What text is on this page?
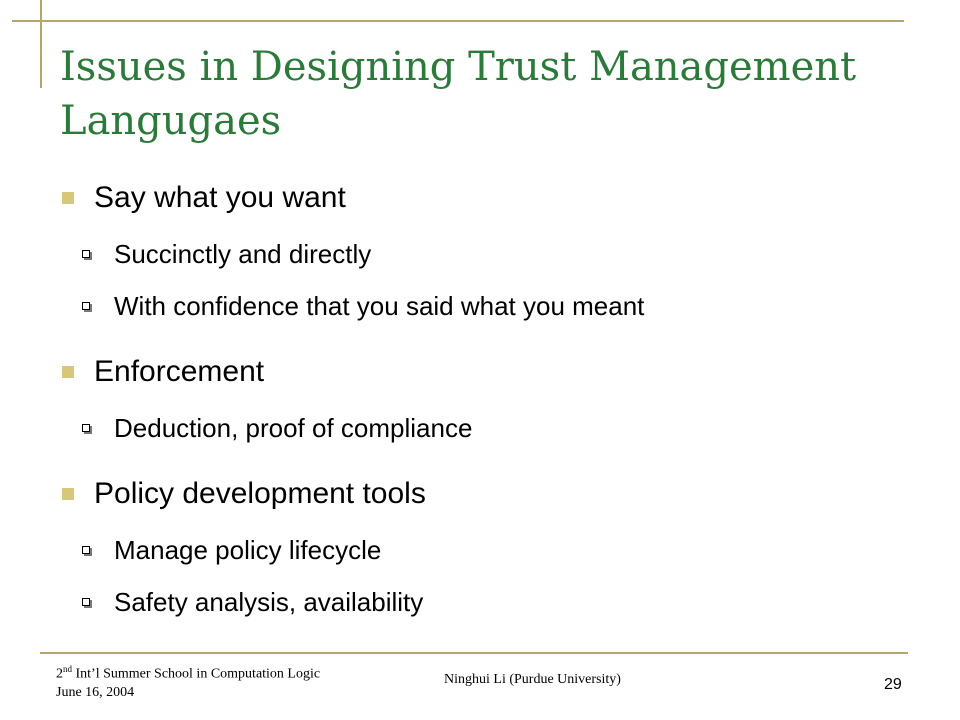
Issues in Designing Trust Management Langugaes
Say what you want
Succinctly and directly
With confidence that you said what you meant
Enforcement
Deduction, proof of compliance
Policy development tools
Manage policy lifecycle
Safety analysis, availability
2nd Int’l Summer School in Computation Logic
June 16, 2004
Ninghui Li (Purdue University)	29
